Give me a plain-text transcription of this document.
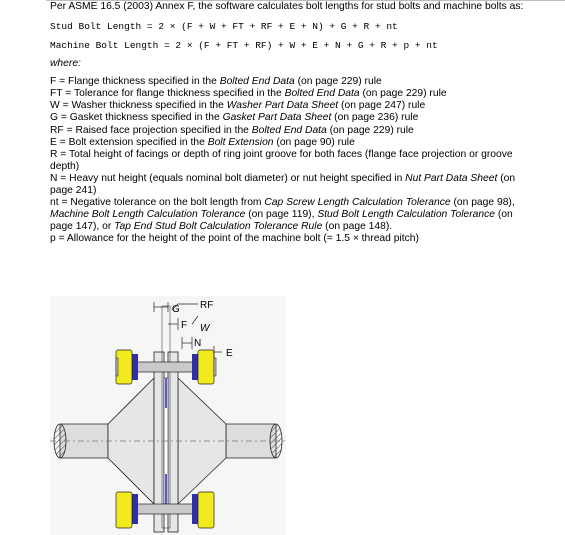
Per ASME 16.5 (2003) Annex F, the software calculates bolt lengths for stud bolts and machine bolts as:

Stud Bolt Length = 2 × (F + W + FT + RF + E + N) + G + R + nt

Machine Bolt Length = 2 × (F + FT + RF) + W + E + N + G + R + p + nt

where:

F = Flange thickness specified in the Bolted End Data (on page 229) rule

FT = Tolerance for flange thickness specified in the Bolted End Data (on page 229) rule

W = Washer thickness specified in the Washer Part Data Sheet (on page 247) rule

G = Gasket thickness specified in the Gasket Part Data Sheet (on page 236) rule

RF = Raised face projection specified in the Bolted End Data (on page 229) rule

E = Bolt extension specified in the Bolt Extension (on page 90) rule

R = Total height of facings or depth of ring joint groove for both faces (flange face projection or groove depth)

N = Heavy nut height (equals nominal bolt diameter) or nut height specified in Nut Part Data Sheet (on page 241)

nt = Negative tolerance on the bolt length from Cap Screw Length Calculation Tolerance (on page 98), Machine Bolt Length Calculation Tolerance (on page 119), Stud Bolt Length Calculation Tolerance (on page 147), or Tap End Stud Bolt Calculation Tolerance Rule (on page 148).

p = Allowance for the height of the point of the machine bolt (= 1.5 × thread pitch)

G RF
F W
N
E
